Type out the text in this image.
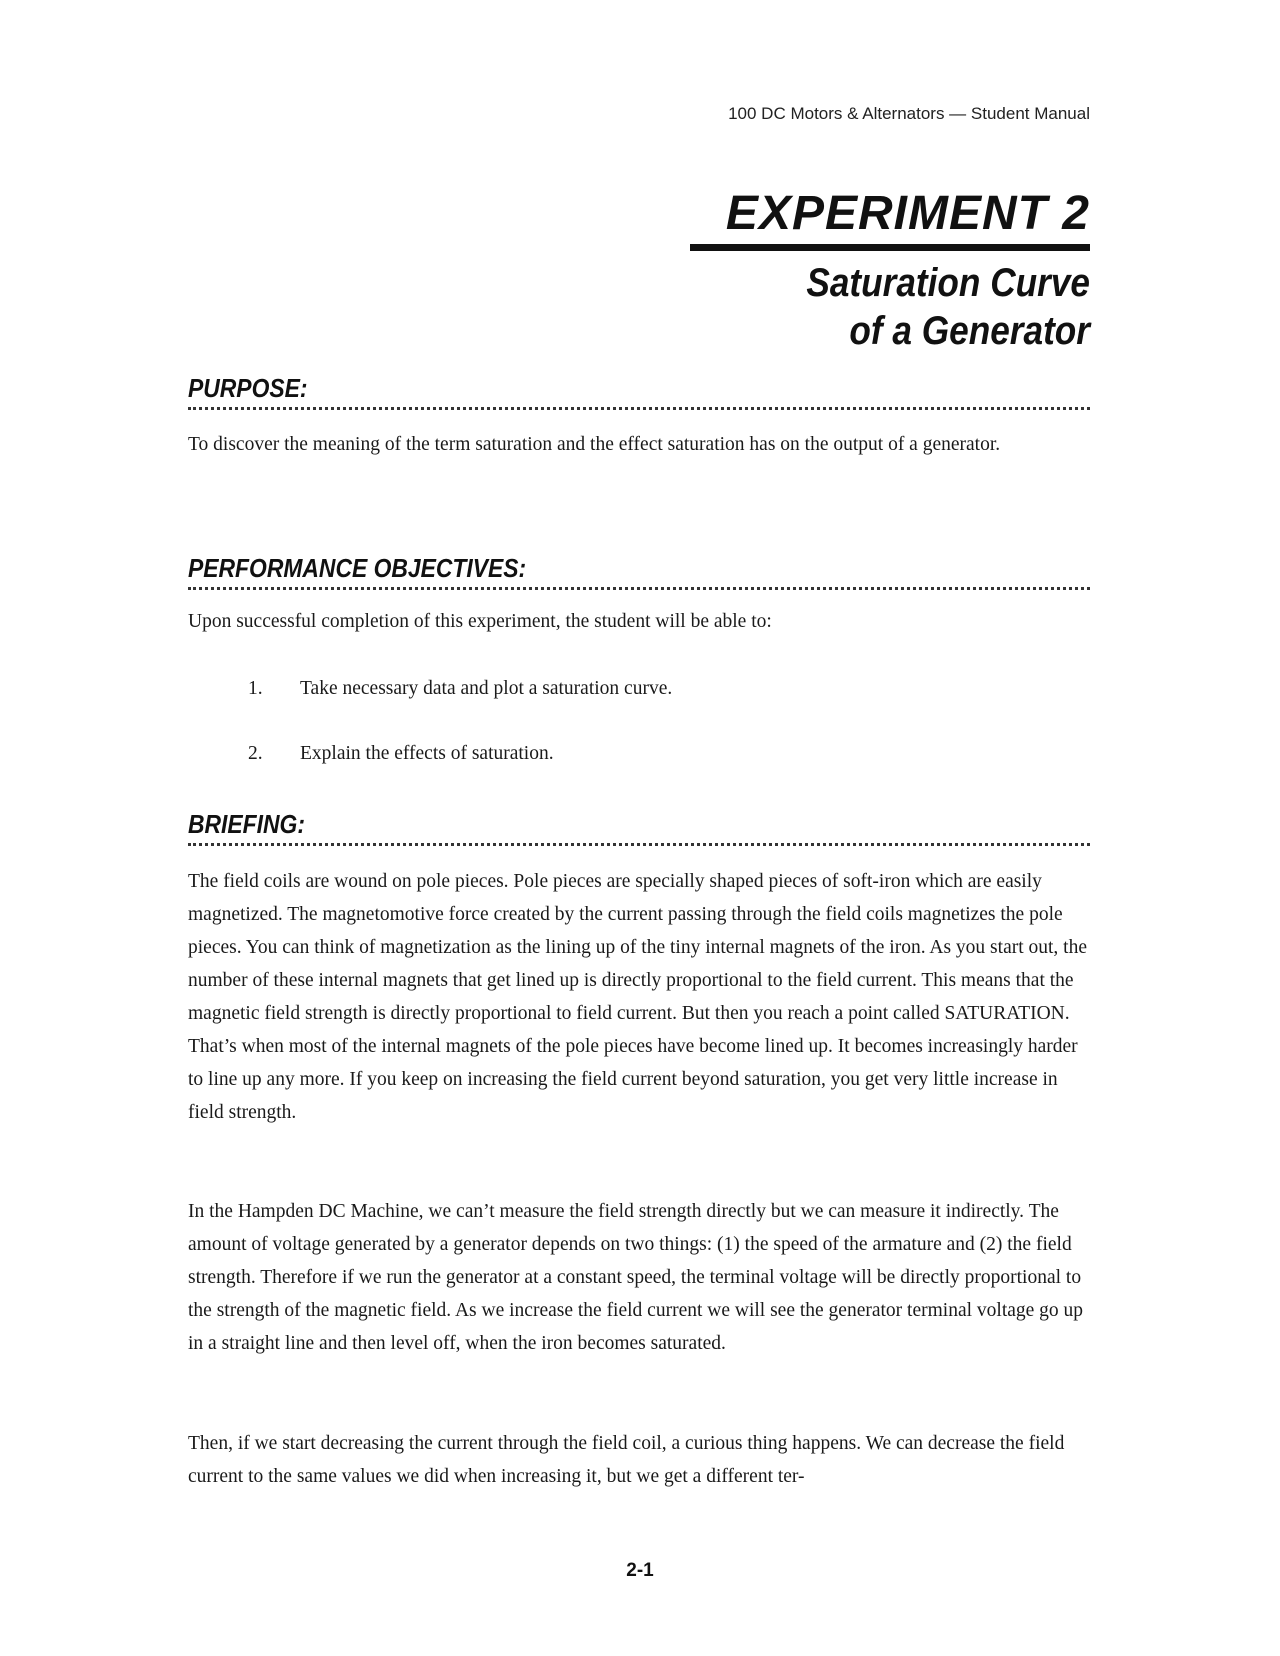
100 DC Motors & Alternators — Student Manual
EXPERIMENT 2
Saturation Curve
of a Generator
PURPOSE:

To discover the meaning of the term saturation and the effect saturation has on the output of a generator.

PERFORMANCE OBJECTIVES:

Upon successful completion of this experiment, the student will be able to:

1. Take necessary data and plot a saturation curve.
2. Explain the effects of saturation.
BRIEFING:

The field coils are wound on pole pieces. Pole pieces are specially shaped pieces of soft-iron which are easily magnetized. The magnetomotive force created by the current passing through the field coils magnetizes the pole pieces. You can think of magnetization as the lining up of the tiny internal magnets of the iron. As you start out, the number of these internal magnets that get lined up is directly proportional to the field current. This means that the magnetic field strength is directly proportional to field current. But then you reach a point called SATURATION. That’s when most of the internal magnets of the pole pieces have become lined up. It becomes increasingly harder to line up any more. If you keep on increasing the field current beyond saturation, you get very little increase in field strength.

In the Hampden DC Machine, we can’t measure the field strength directly but we can measure it indirectly. The amount of voltage generated by a generator depends on two things: (1) the speed of the armature and (2) the field strength. Therefore if we run the generator at a constant speed, the terminal voltage will be directly proportional to the strength of the magnetic field. As we increase the field current we will see the generator terminal voltage go up in a straight line and then level off, when the iron becomes saturated.

Then, if we start decreasing the current through the field coil, a curious thing happens. We can decrease the field current to the same values we did when increasing it, but we get a different ter-

2-1
